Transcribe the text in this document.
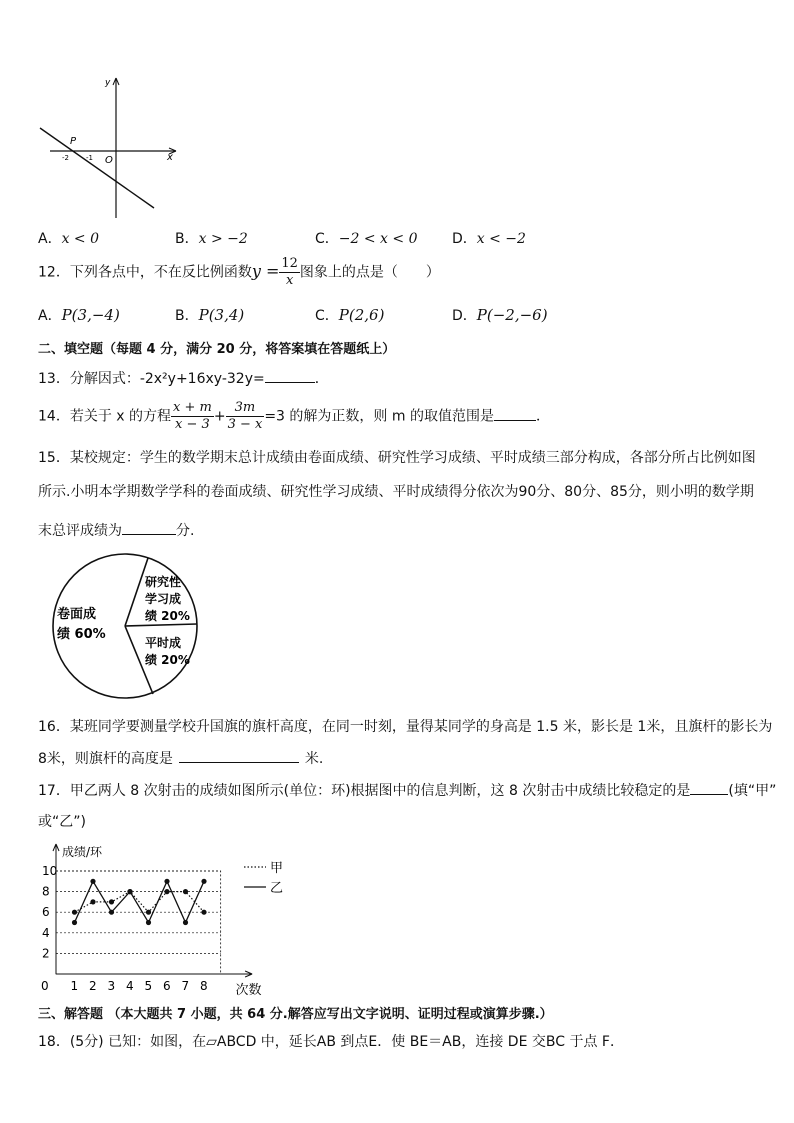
y
x
P
O
-2 -1
A．x < 0	B．x > −2	C．−2 < x < 0 D．x < −2
12．下列各点中，不在反比例函数$y = \frac{12}{x}$ 图象上的点是（　　）
A．P(3,−4)	B．P(3,4)	C．P(2,6)	D．P(−2,−6)
二、填空题（每题 4 分，满分 20 分，将答案填在答题纸上）
13．分解因式：-2x²y+16xy-32y=	．
14．若关于 x 的方程 $\frac{x + m}{x - 3} + \frac{3m}{3 - x} =3$ 的解为正数，则 m 的取值范围是	．
15．某校规定：学生的数学期末总计成绩由卷面成绩、研究性学习成绩、平时成绩三部分构成，各部分所占比例如图
所示.小明本学期数学学科的卷面成绩、研究性学习成绩、平时成绩得分依次为90分、80分、85分，则小明的数学期
末总评成绩为	分.
卷面成
绩 60%
研究性
学习成
绩 20%
平时成
绩 20%
16．某班同学要测量学校升国旗的旗杆高度，在同一时刻，量得某同学的身高是 1.5 米，影长是 1米，且旗杆的影长为
8米，则旗杆的高度是	米.
17．甲乙两人 8 次射击的成绩如图所示(单位：环)根据图中的信息判断，这 8 次射击中成绩比较稳定的是	(填“甲”
或“乙”)
2
4
6
8
10
0 1 2 3 4 5 6 7 8
成绩/环
次数
甲
乙
三、解答题 （本大题共 7 小题，共 64 分.解答应写出文字说明、证明过程或演算步骤.）
18．(5分) 已知：如图，在▱ABCD 中，延长AB 到点E．使 BE＝AB，连接 DE 交BC 于点 F．
